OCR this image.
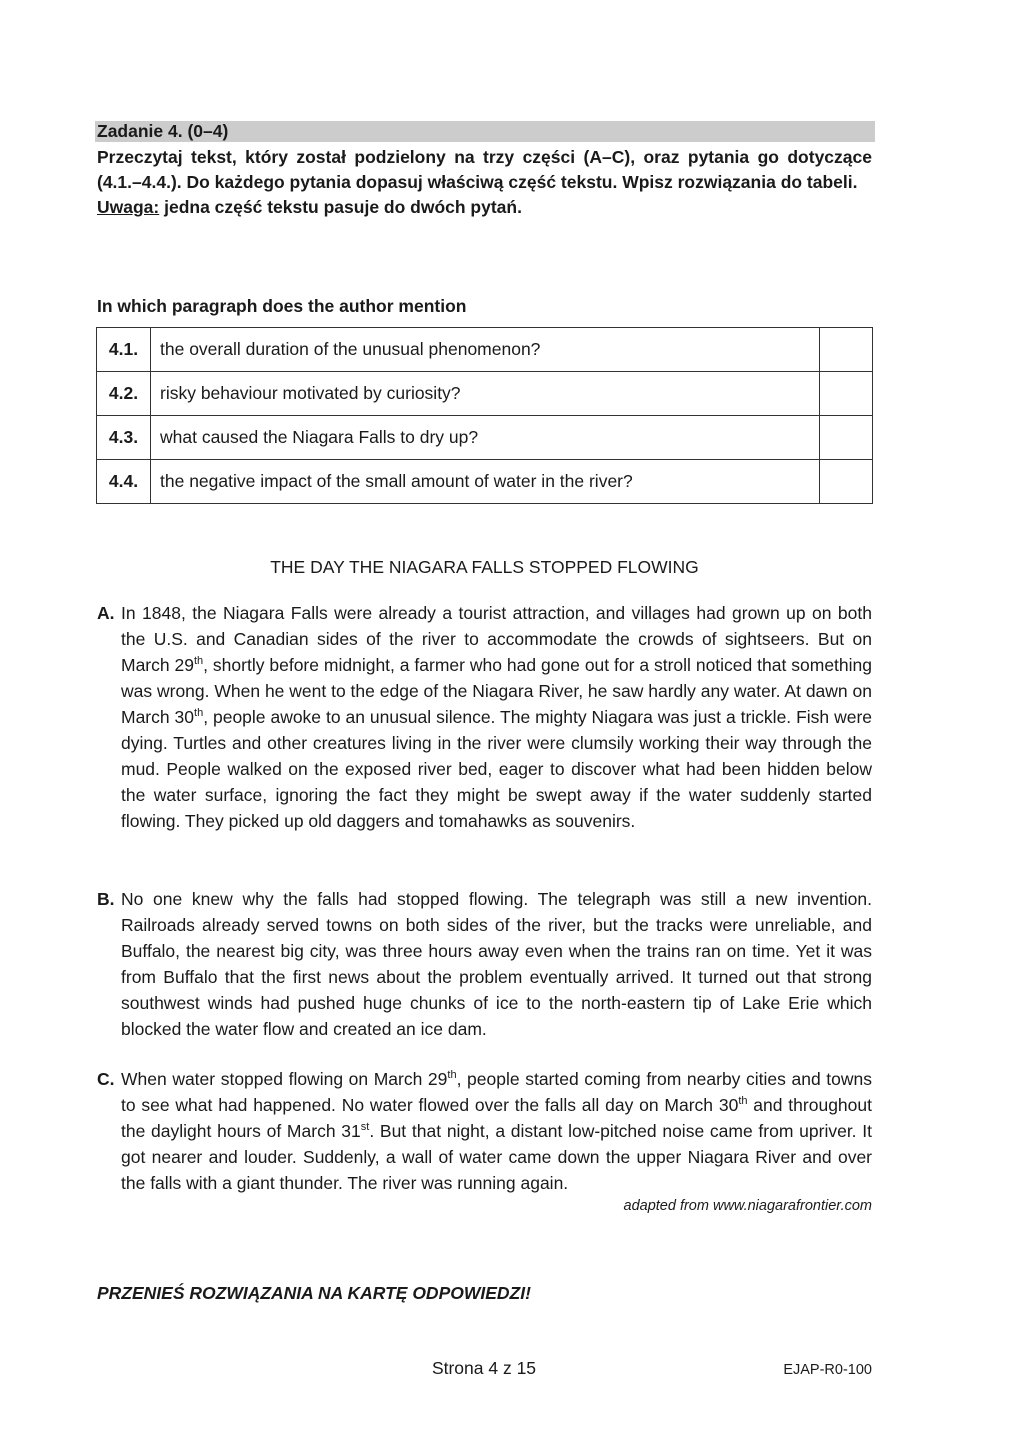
Zadanie 4. (0–4)

Przeczytaj tekst, który został podzielony na trzy części (A–C), oraz pytania go dotyczące (4.1.–4.4.). Do każdego pytania dopasuj właściwą część tekstu. Wpisz rozwiązania do tabeli.

Uwaga: jedna część tekstu pasuje do dwóch pytań.

In which paragraph does the author mention
4.1.	the overall duration of the unusual phenomenon?	
4.2.	risky behaviour motivated by curiosity?	
4.3.	what caused the Niagara Falls to dry up?	
4.4.	the negative impact of the small amount of water in the river?	
THE DAY THE NIAGARA FALLS STOPPED FLOWING
A. In 1848, the Niagara Falls were already a tourist attraction, and villages had grown up on both the U.S. and Canadian sides of the river to accommodate the crowds of sightseers. But on March 29th, shortly before midnight, a farmer who had gone out for a stroll noticed that something was wrong. When he went to the edge of the Niagara River, he saw hardly any water. At dawn on March 30th, people awoke to an unusual silence. The mighty Niagara was just a trickle. Fish were dying. Turtles and other creatures living in the river were clumsily working their way through the mud. People walked on the exposed river bed, eager to discover what had been hidden below the water surface, ignoring the fact they might be swept away if the water suddenly started flowing. They picked up old daggers and tomahawks as souvenirs.
B. No one knew why the falls had stopped flowing. The telegraph was still a new invention. Railroads already served towns on both sides of the river, but the tracks were unreliable, and Buffalo, the nearest big city, was three hours away even when the trains ran on time. Yet it was from Buffalo that the first news about the problem eventually arrived. It turned out that strong southwest winds had pushed huge chunks of ice to the north-eastern tip of Lake Erie which blocked the water flow and created an ice dam.
C. When water stopped flowing on March 29th, people started coming from nearby cities and towns to see what had happened. No water flowed over the falls all day on March 30th and throughout the daylight hours of March 31st. But that night, a distant low-pitched noise came from upriver. It got nearer and louder. Suddenly, a wall of water came down the upper Niagara River and over the falls with a giant thunder. The river was running again.
adapted from www.niagarafrontier.com
PRZENIEŚ ROZWIĄZANIA NA KARTĘ ODPOWIEDZI!
Strona 4 z 15	EJAP-R0-100
